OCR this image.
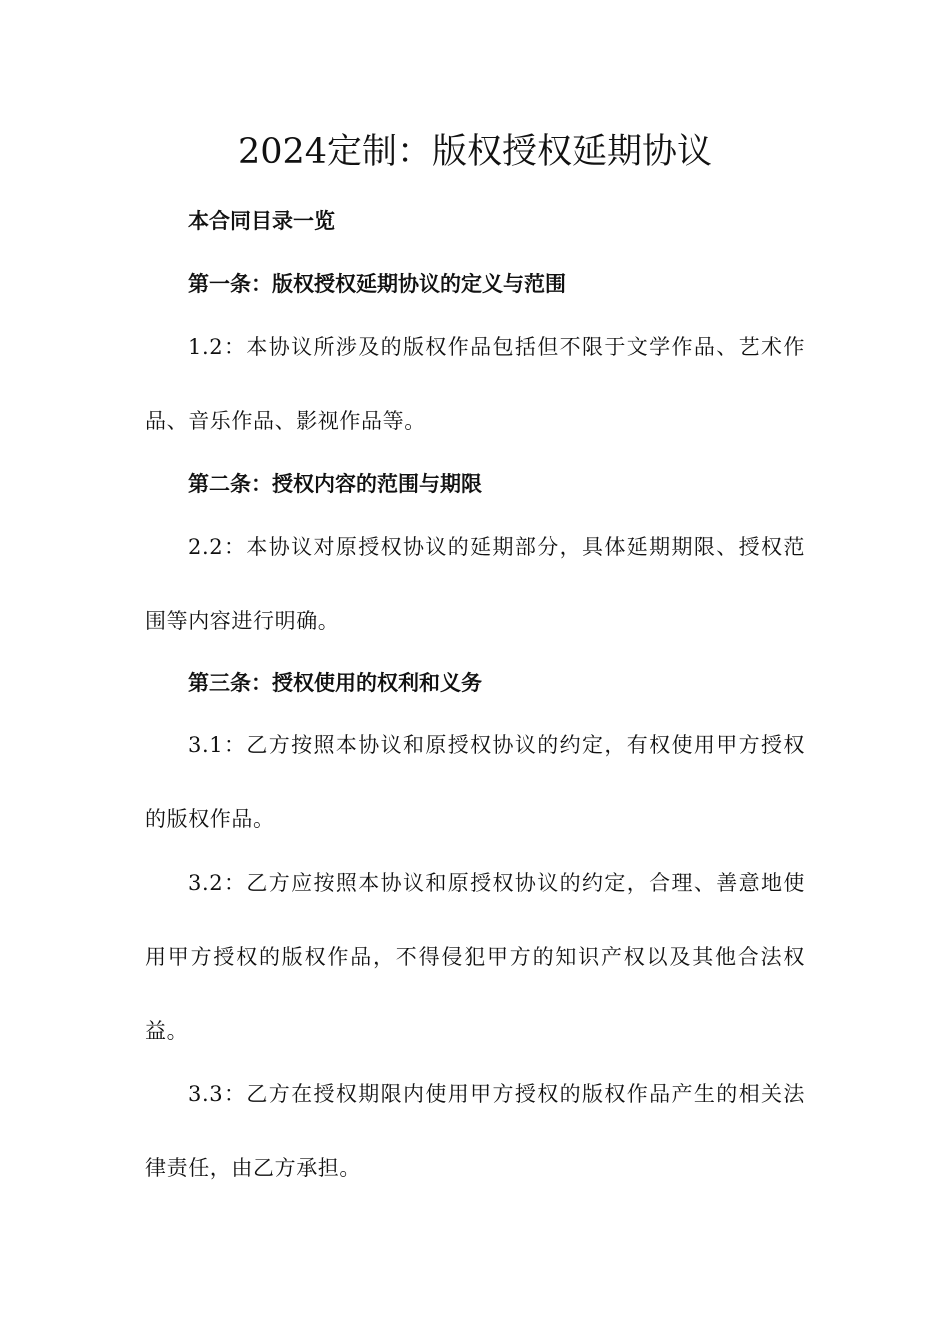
2024定制：版权授权延期协议
本合同目录一览
第一条：版权授权延期协议的定义与范围
1.2：本协议所涉及的版权作品包括但不限于文学作品、艺术作品、音乐作品、影视作品等。
第二条：授权内容的范围与期限
2.2：本协议对原授权协议的延期部分，具体延期期限、授权范围等内容进行明确。
第三条：授权使用的权利和义务
3.1：乙方按照本协议和原授权协议的约定，有权使用甲方授权的版权作品。
3.2：乙方应按照本协议和原授权协议的约定，合理、善意地使用甲方授权的版权作品，不得侵犯甲方的知识产权以及其他合法权益。
3.3：乙方在授权期限内使用甲方授权的版权作品产生的相关法律责任，由乙方承担。
